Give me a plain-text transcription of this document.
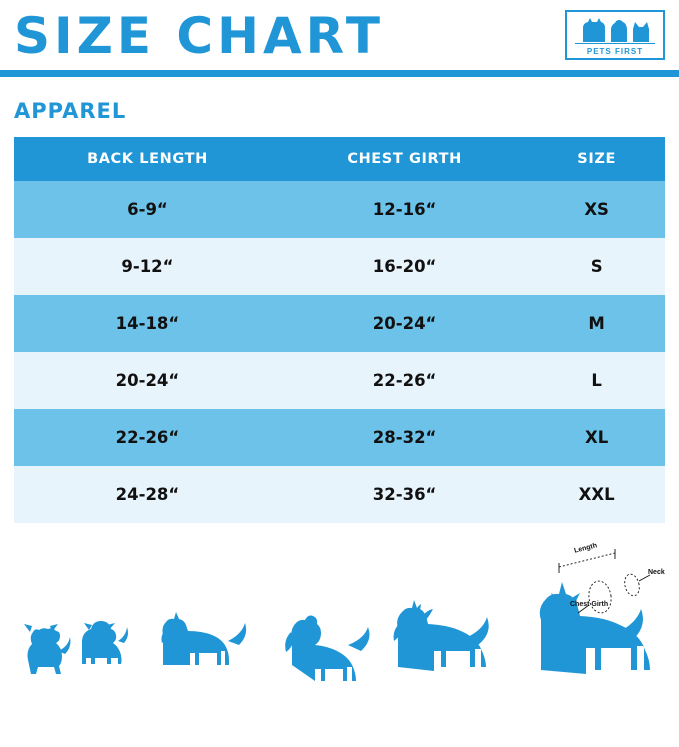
SIZE CHART	PETS FIRST
APPAREL
BACK LENGTH	CHEST GIRTH	SIZE
6-9“	12-16“	XS
9-12“	16-20“	S
14-18“	20-24“	M
20-24“	22-26“	L
22-26“	28-32“	XL
24-28“	32-36“	XXL
Length
Chest Girth
Neck
